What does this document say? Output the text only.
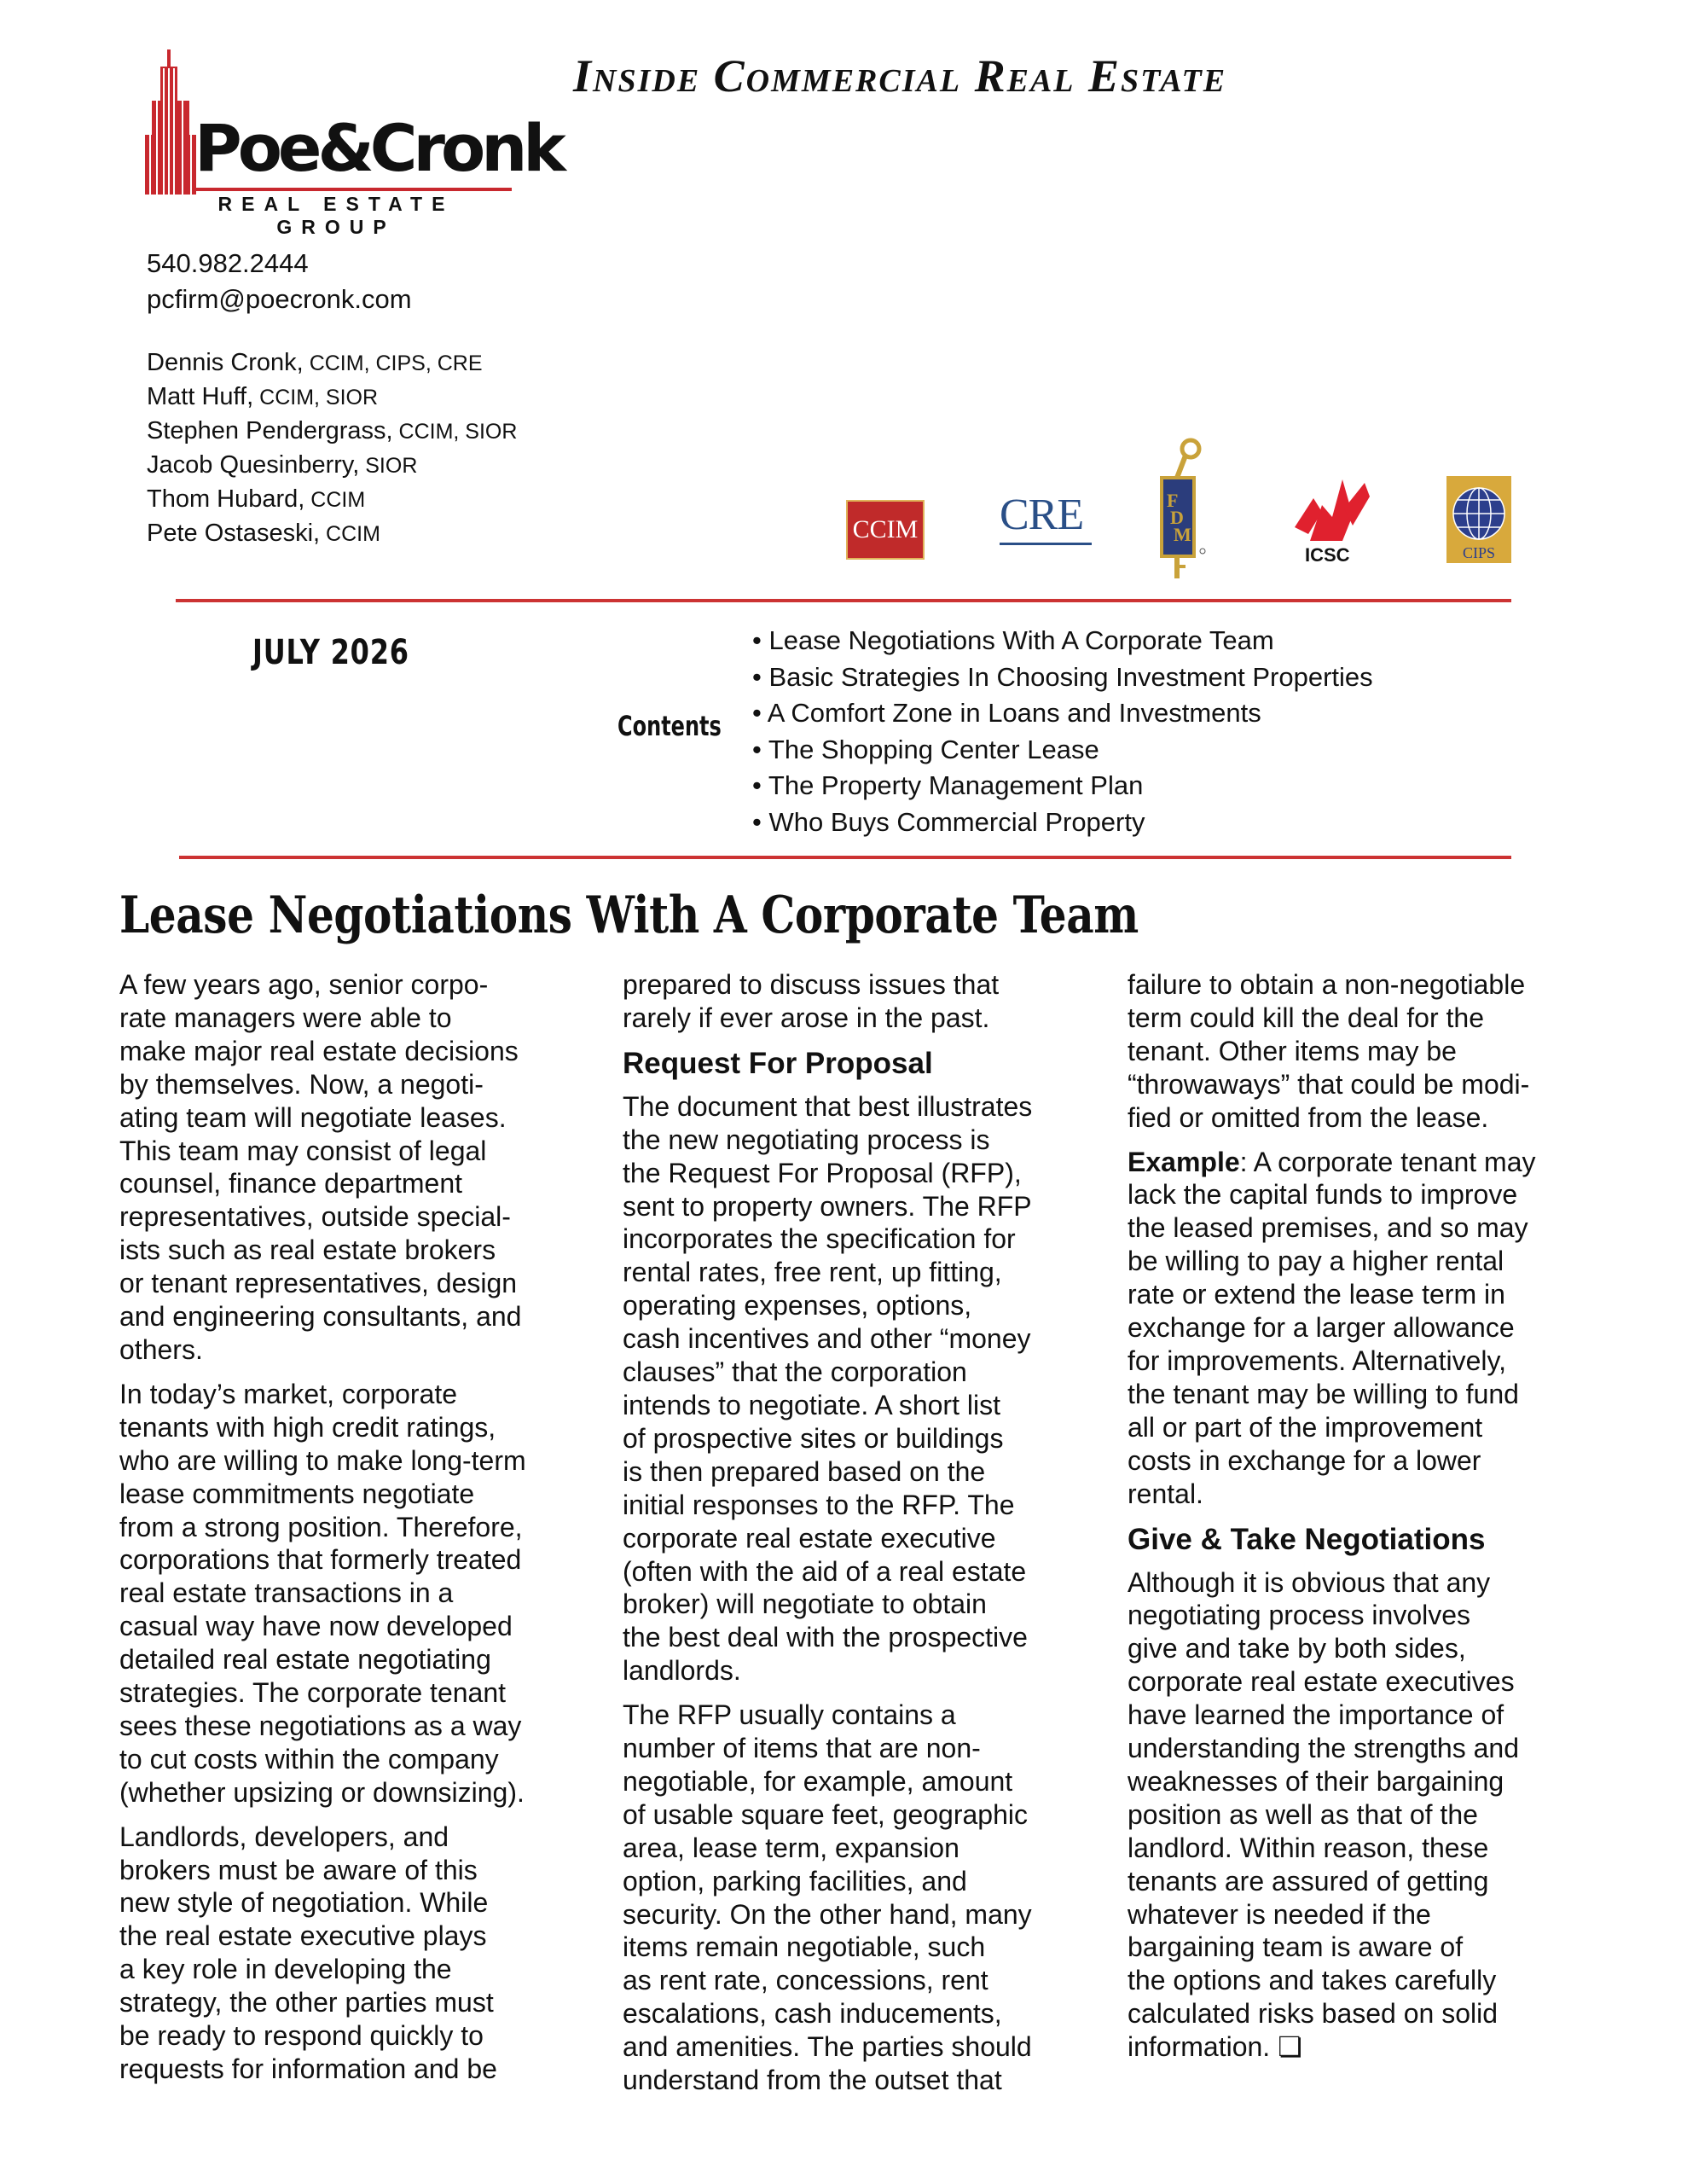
Poe&Cronk
REAL ESTATE GROUP
Inside Commercial Real Estate
540.982.2444
pcfirm@poecronk.com
Dennis Cronk, CCIM, CIPS, CRE
Matt Huff, CCIM, SIOR
Stephen Pendergrass, CCIM, SIOR
Jacob Quesinberry, SIOR
Thom Hubard, CCIM
Pete Ostaseski, CCIM	CCIM CRE	F
D
M
ICSC	CIPS
JULY 2026
Contents
• Lease Negotiations With A Corporate Team
• Basic Strategies In Choosing Investment Properties
• A Comfort Zone in Loans and Investments
• The Shopping Center Lease
• The Property Management Plan
• Who Buys Commercial Property
Lease Negotiations With A Corporate Team

A few years ago, senior corpo-
rate managers were able to
make major real estate decisions
by themselves. Now, a negoti-
ating team will negotiate leases.
This team may consist of legal
counsel, finance department
representatives, outside special-
ists such as real estate brokers
or tenant representatives, design
and engineering consultants, and
others.

In today’s market, corporate
tenants with high credit ratings,
who are willing to make long-term
lease commitments negotiate
from a strong position. Therefore,
corporations that formerly treated
real estate transactions in a
casual way have now developed
detailed real estate negotiating
strategies. The corporate tenant
sees these negotiations as a way
to cut costs within the company
(whether upsizing or downsizing).

Landlords, developers, and
brokers must be aware of this
new style of negotiation. While
the real estate executive plays
a key role in developing the
strategy, the other parties must
be ready to respond quickly to
requests for information and be

prepared to discuss issues that
rarely if ever arose in the past.

Request For Proposal

The document that best illustrates
the new negotiating process is
the Request For Proposal (RFP),
sent to property owners. The RFP
incorporates the specification for
rental rates, free rent, up fitting,
operating expenses, options,
cash incentives and other “money
clauses” that the corporation
intends to negotiate. A short list
of prospective sites or buildings
is then prepared based on the
initial responses to the RFP. The
corporate real estate executive
(often with the aid of a real estate
broker) will negotiate to obtain
the best deal with the prospective
landlords.

The RFP usually contains a
number of items that are non-
negotiable, for example, amount
of usable square feet, geographic
area, lease term, expansion
option, parking facilities, and
security. On the other hand, many
items remain negotiable, such
as rent rate, concessions, rent
escalations, cash inducements,
and amenities. The parties should
understand from the outset that

failure to obtain a non-negotiable
term could kill the deal for the
tenant. Other items may be
“throwaways” that could be modi-
fied or omitted from the lease.

Example: A corporate tenant may
lack the capital funds to improve
the leased premises, and so may
be willing to pay a higher rental
rate or extend the lease term in
exchange for a larger allowance
for improvements. Alternatively,
the tenant may be willing to fund
all or part of the improvement
costs in exchange for a lower
rental.

Give & Take Negotiations

Although it is obvious that any
negotiating process involves
give and take by both sides,
corporate real estate executives
have learned the importance of
understanding the strengths and
weaknesses of their bargaining
position as well as that of the
landlord. Within reason, these
tenants are assured of getting
whatever is needed if the
bargaining team is aware of
the options and takes carefully
calculated risks based on solid
information. ❏
